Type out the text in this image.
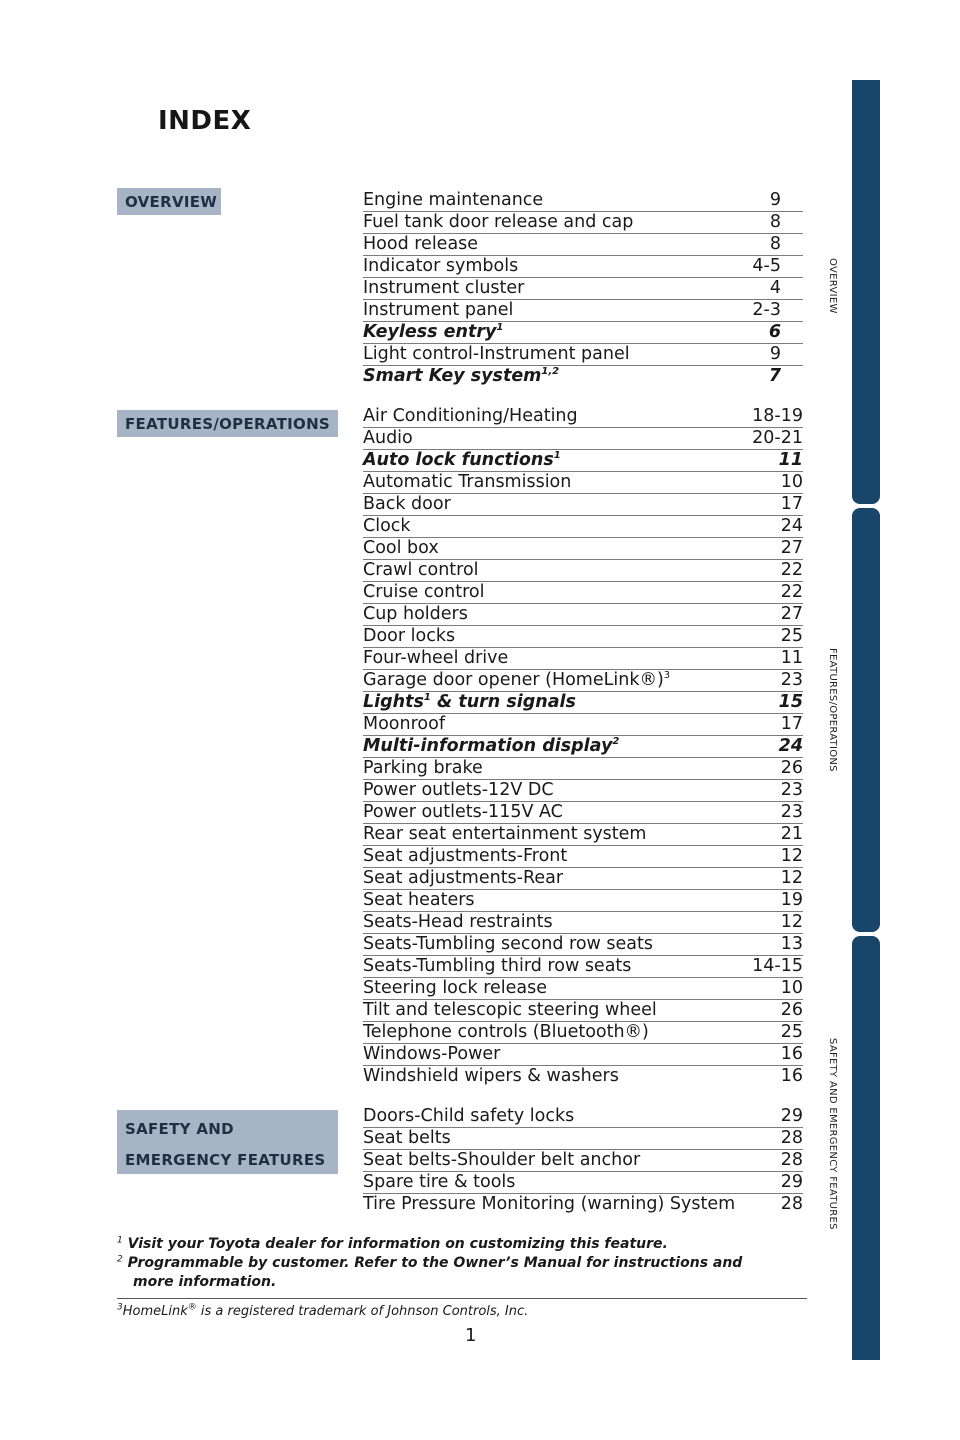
INDEX
OVERVIEW	Engine maintenance	9
Fuel tank door release and cap	8
Hood release	8
Indicator symbols	4-5
Instrument cluster	4
Instrument panel	2-3
Keyless entry$^1$	6
Light control-Instrument panel	9
Smart Key system$^{1,2}$	7
FEATURES/OPERATIONS	Air Conditioning/Heating	18-19
Audio	20-21
Auto lock functions$^1$	11
Automatic Transmission	10
Back door	17
Clock	24
Cool box	27
Crawl control	22
Cruise control	22
Cup holders	27
Door locks	25
Four-wheel drive	11
Garage door opener (HomeLink®)$^3$	23
Lights$^1$ & turn signals	15
Moonroof	17
Multi-information display$^2$	24
Parking brake	26
Power outlets-12V DC	23
Power outlets-115V AC	23
Rear seat entertainment system	21
Seat adjustments-Front	12
Seat adjustments-Rear	12
Seat heaters	19
Seats-Head restraints	12
Seats-Tumbling second row seats	13
Seats-Tumbling third row seats	14-15
Steering lock release	10
Tilt and telescopic steering wheel	26
Telephone controls (Bluetooth®)	25
Windows-Power	16
Windshield wipers & washers	16
SAFETY AND
EMERGENCY FEATURES
Doors-Child safety locks	29
Seat belts	28
Seat belts-Shoulder belt anchor	28
Spare tire & tools	29
Tire Pressure Monitoring (warning) System	28
$^1$ Visit your Toyota dealer for information on customizing this feature.
$^2$ Programmable by customer. Refer to the Owner’s Manual for instructions and
more information.
$^3$HomeLink® is a registered trademark of Johnson Controls, Inc.
1
OVERVIEW
FEATURES/OPERATIONS
SAFETY AND EMERGENCY FEATURES
